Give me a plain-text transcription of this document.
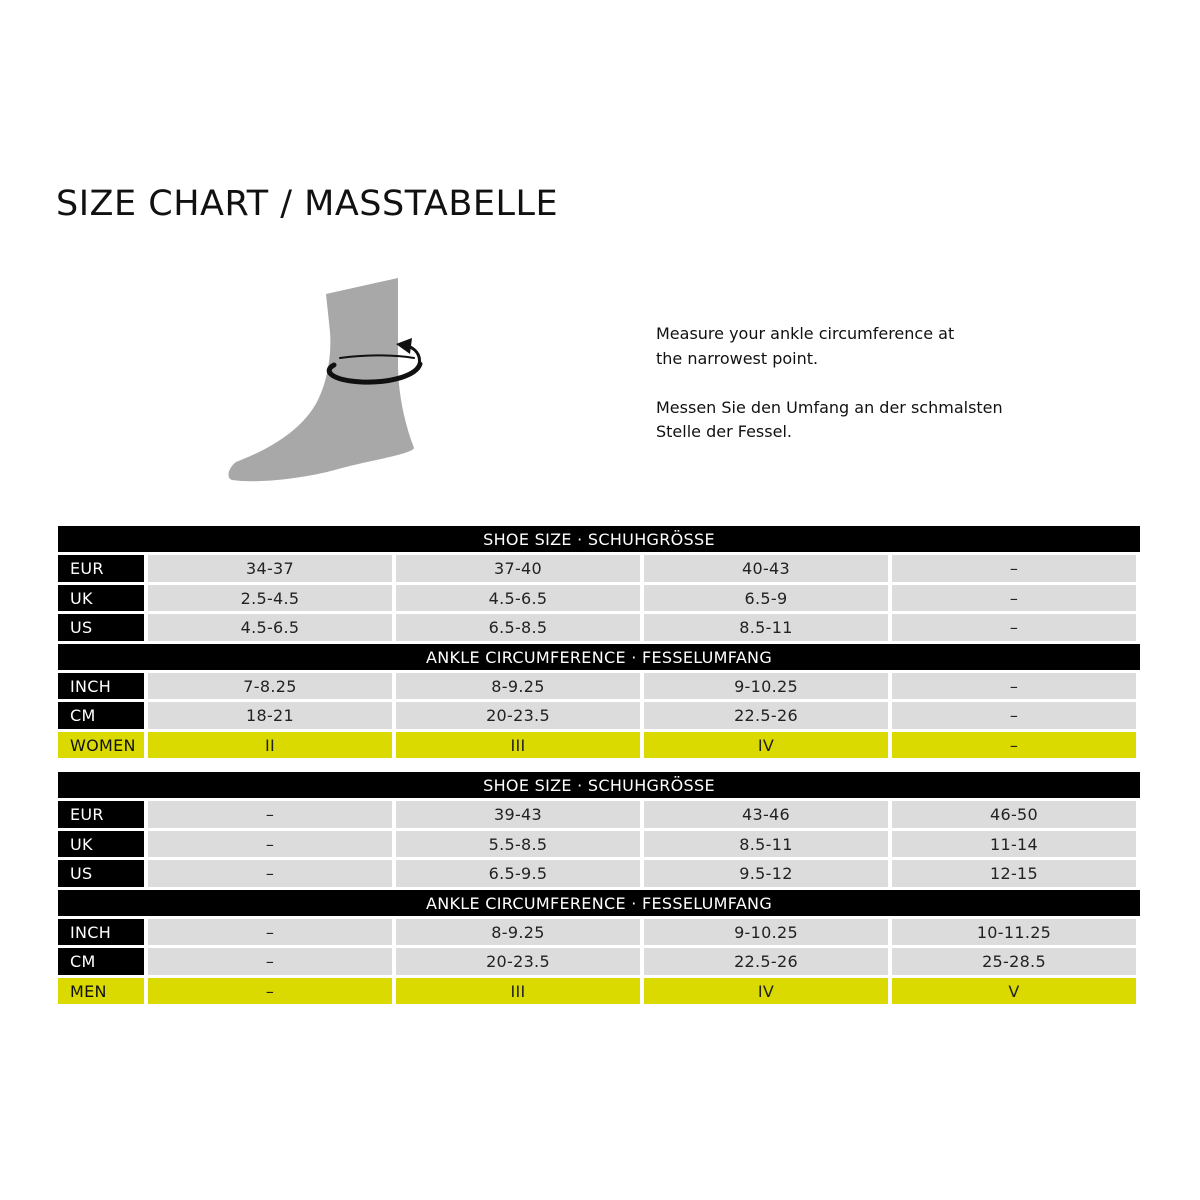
SIZE CHART / MASSTABELLE

Measure your ankle circumference at
the narrowest point.

Messen Sie den Umfang an der schmalsten
Stelle der Fessel.

SHOE SIZE · SCHUHGRÖSSE
EUR	34-37	37-40	40-43	–
UK	2.5-4.5	4.5-6.5	6.5-9	–
US	4.5-6.5	6.5-8.5	8.5-11	–
ANKLE CIRCUMFERENCE · FESSELUMFANG
INCH	7-8.25	8-9.25	9-10.25	–
CM	18-21	20-23.5	22.5-26	–
WOMEN	II	III	IV	–
SHOE SIZE · SCHUHGRÖSSE
EUR	–	39-43	43-46	46-50
UK	–	5.5-8.5	8.5-11	11-14
US	–	6.5-9.5	9.5-12	12-15
ANKLE CIRCUMFERENCE · FESSELUMFANG
INCH	–	8-9.25	9-10.25	10-11.25
CM	–	20-23.5	22.5-26	25-28.5
MEN	–	III	IV	V
